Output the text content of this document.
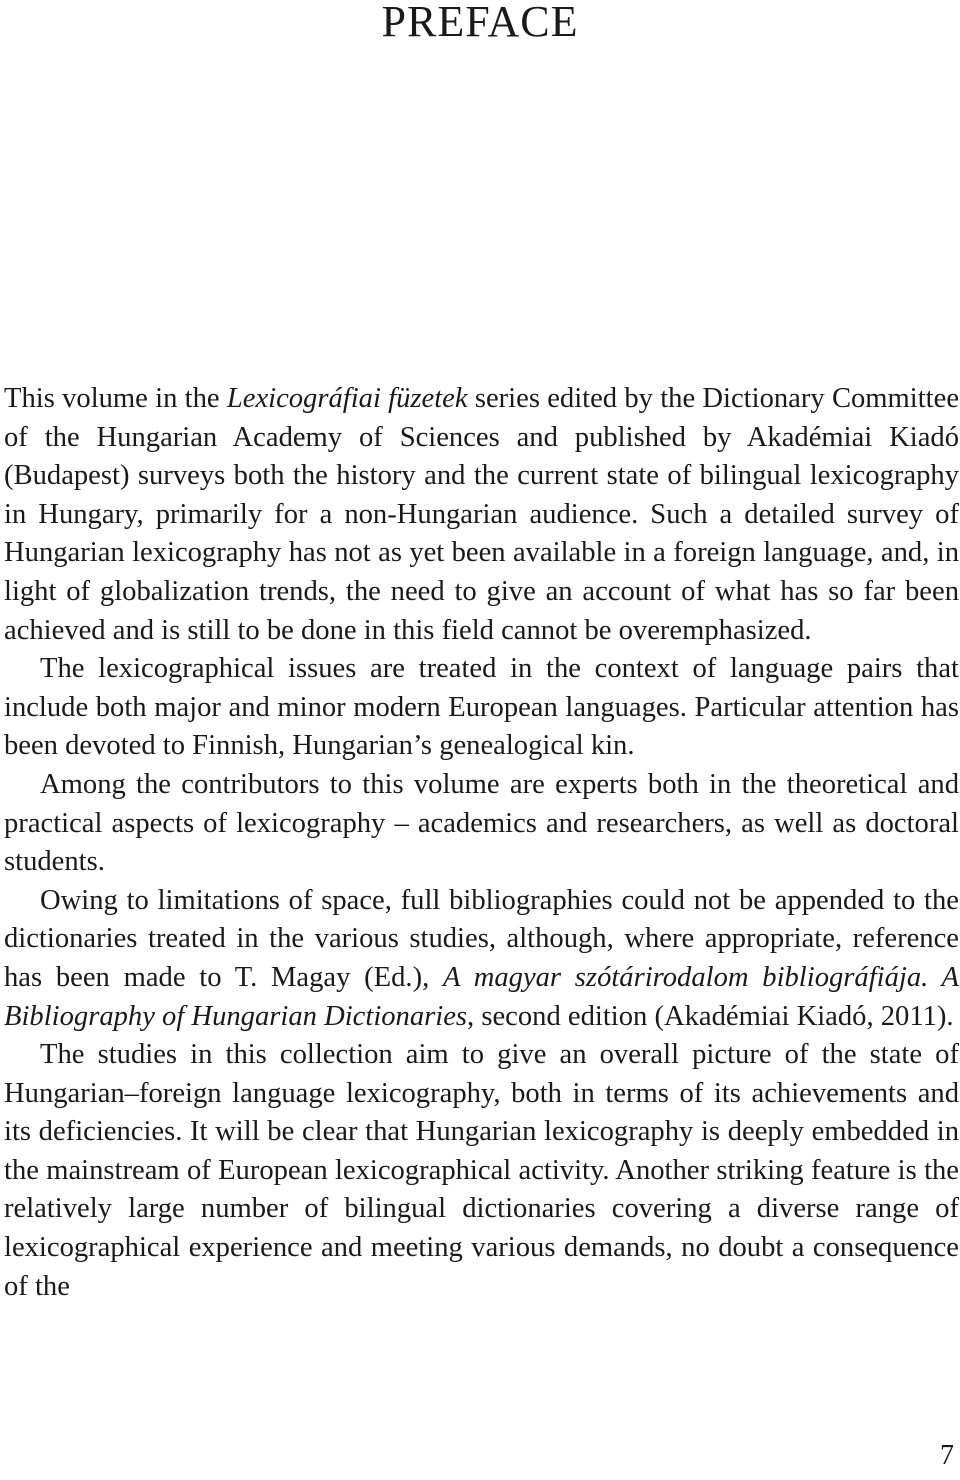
PREFACE

This volume in the Lexicográfiai füzetek series edited by the Dictionary Committee of the Hungarian Academy of Sciences and published by Akadémiai Kiadó (Budapest) surveys both the history and the current state of bilingual lexicography in Hungary, primarily for a non-Hungarian audience. Such a detailed survey of Hungarian lexicography has not as yet been available in a foreign language, and, in light of globalization trends, the need to give an account of what has so far been achieved and is still to be done in this field cannot be overemphasized.

The lexicographical issues are treated in the context of language pairs that include both major and minor modern European languages. Particular attention has been devoted to Finnish, Hungarian’s genealogical kin.

Among the contributors to this volume are experts both in the theoretical and practical aspects of lexicography – academics and researchers, as well as doctoral students.

Owing to limitations of space, full bibliographies could not be appended to the dictionaries treated in the various studies, although, where appropriate, reference has been made to T. Magay (Ed.), A magyar szótárirodalom bibliográfiája. A Bibliography of Hungarian Dictionaries, second edition (Akadémiai Kiadó, 2011).

The studies in this collection aim to give an overall picture of the state of Hungarian–foreign language lexicography, both in terms of its achievements and its deficiencies. It will be clear that Hungarian lexicography is deeply embedded in the mainstream of European lexicographical activity. Another striking feature is the relatively large number of bilingual dictionaries covering a diverse range of lexicographical experience and meeting various demands, no doubt a consequence of the

7
